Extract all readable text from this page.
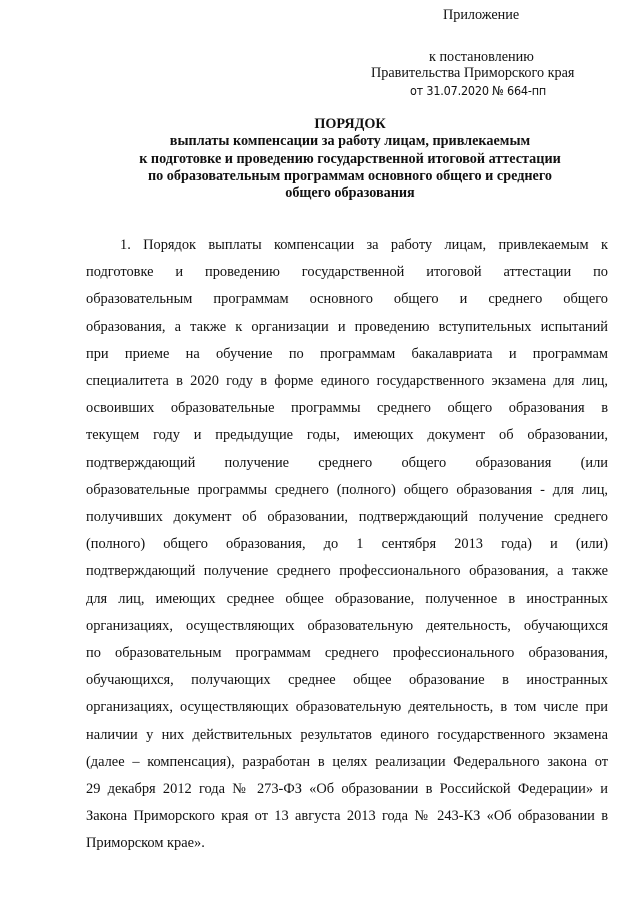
Приложение
к постановлению
Правительства Приморского края
от 31.07.2020 № 664-пп
ПОРЯДОК
выплаты компенсации за работу лицам, привлекаемым
к подготовке и проведению государственной итоговой аттестации
по образовательным программам основного общего и среднего
общего образования
1. Порядок выплаты компенсации за работу лицам, привлекаемым к
подготовке и проведению государственной итоговой аттестации по
образовательным программам основного общего и среднего общего
образования, а также к организации и проведению вступительных испытаний
при приеме на обучение по программам бакалавриата и программам
специалитета в 2020 году в форме единого государственного экзамена для лиц,
освоивших образовательные программы среднего общего образования в
текущем году и предыдущие годы, имеющих документ об образовании,
подтверждающий получение среднего общего образования (или
образовательные программы среднего (полного) общего образования - для лиц,
получивших документ об образовании, подтверждающий получение среднего
(полного) общего образования, до 1 сентября 2013 года) и (или)
подтверждающий получение среднего профессионального образования, а также
для лиц, имеющих среднее общее образование, полученное в иностранных
организациях, осуществляющих образовательную деятельность, обучающихся
по образовательным программам среднего профессионального образования,
обучающихся, получающих среднее общее образование в иностранных
организациях, осуществляющих образовательную деятельность, в том числе при
наличии у них действительных результатов единого государственного экзамена
(далее – компенсация), разработан в целях реализации Федерального закона от
29 декабря 2012 года № 273-ФЗ «Об образовании в Российской Федерации» и
Закона Приморского края от 13 августа 2013 года № 243-КЗ «Об образовании в
Приморском крае».
